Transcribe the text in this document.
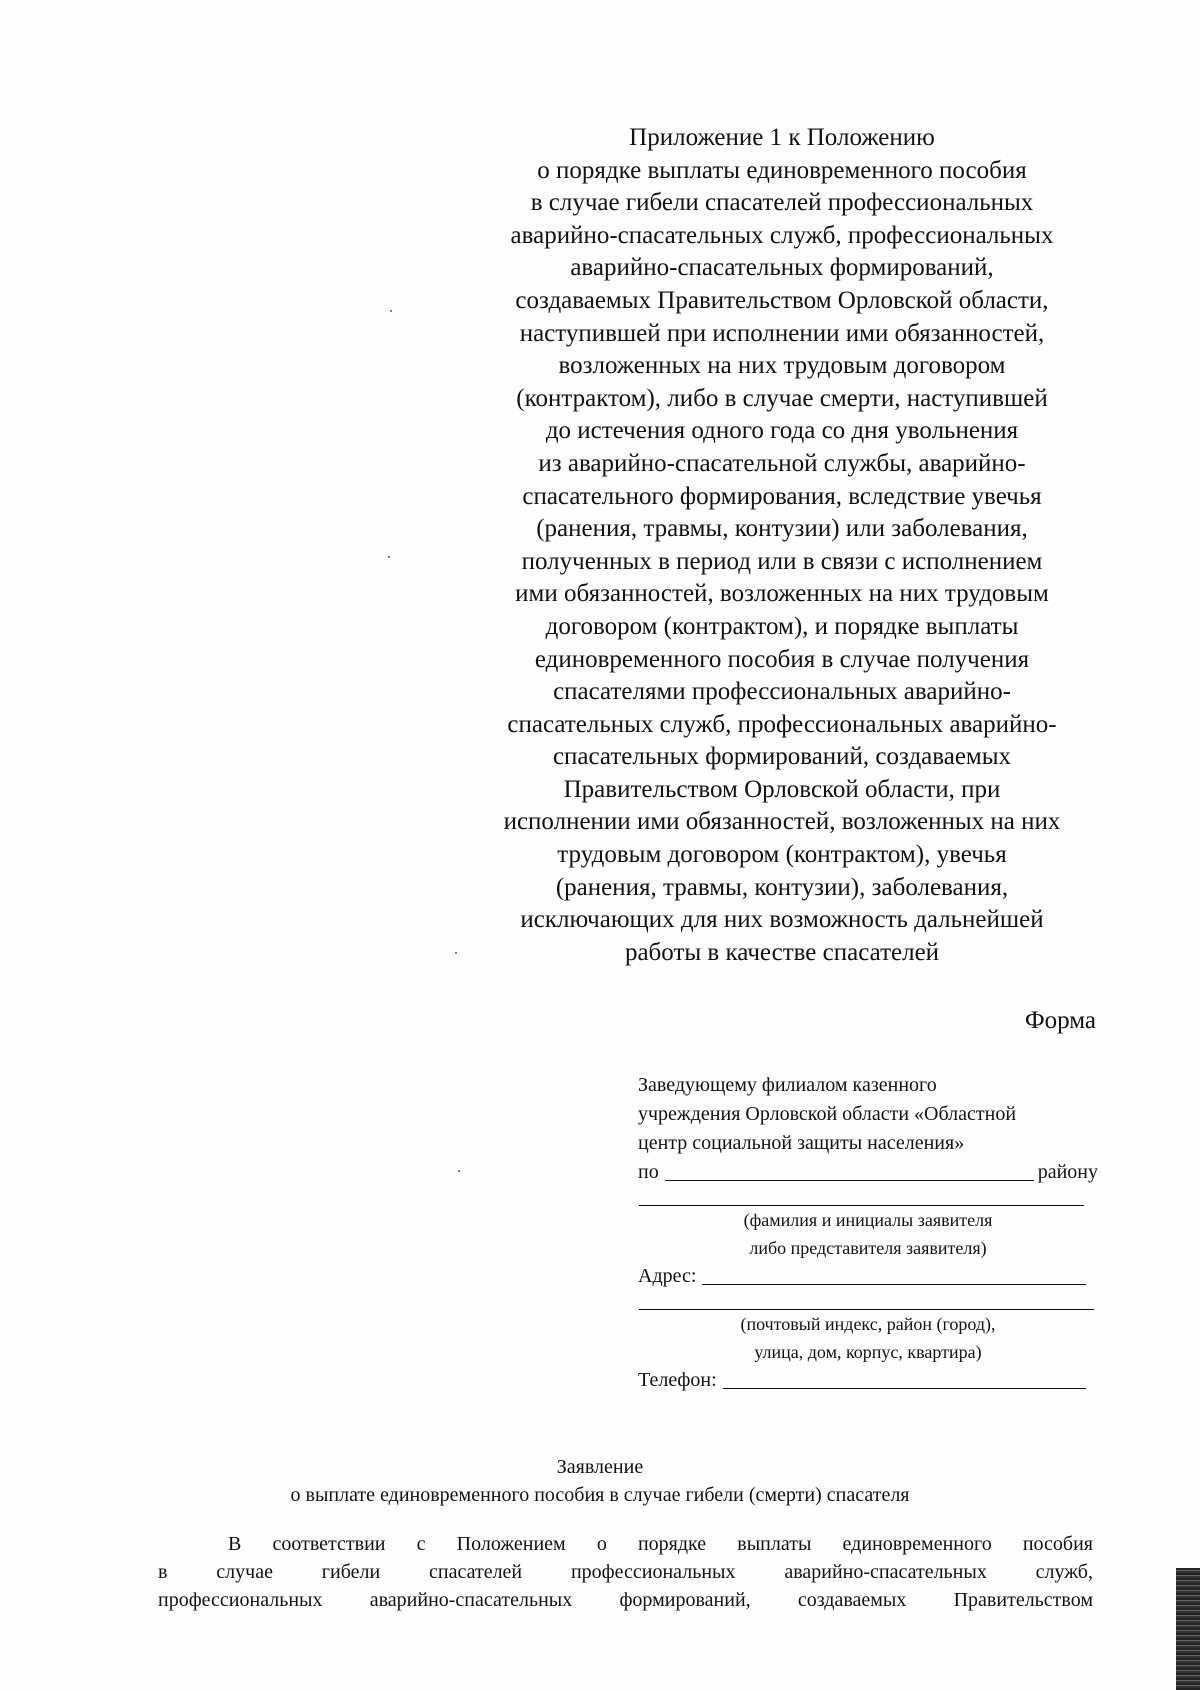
Приложение 1 к Положению
о порядке выплаты единовременного пособия
в случае гибели спасателей профессиональных
аварийно-спасательных служб, профессиональных
аварийно-спасательных формирований,
создаваемых Правительством Орловской области,
наступившей при исполнении ими обязанностей,
возложенных на них трудовым договором
(контрактом), либо в случае смерти, наступившей
до истечения одного года со дня увольнения
из аварийно-спасательной службы, аварийно-
спасательного формирования, вследствие увечья
(ранения, травмы, контузии) или заболевания,
полученных в период или в связи с исполнением
ими обязанностей, возложенных на них трудовым
договором (контрактом), и порядке выплаты
единовременного пособия в случае получения
спасателями профессиональных аварийно-
спасательных служб, профессиональных аварийно-
спасательных формирований, создаваемых
Правительством Орловской области, при
исполнении ими обязанностей, возложенных на них
трудовым договором (контрактом), увечья
(ранения, травмы, контузии), заболевания,
исключающих для них возможность дальнейшей
работы в качестве спасателей
Форма
Заведующему филиалом казенного
учреждения Орловской области «Областной
центр социальной защиты населения»
по	району
(фамилия и инициалы заявителя
либо представителя заявителя)
Адрес:
(почтовый индекс, район (город),
улица, дом, корпус, квартира)
Телефон:
Заявление
о выплате единовременного пособия в случае гибели (смерти) спасателя
В соответствии с Положением о порядке выплаты единовременного пособия
в случае гибели спасателей профессиональных аварийно-спасательных служб,
профессиональных аварийно-спасательных формирований, создаваемых Правительством
